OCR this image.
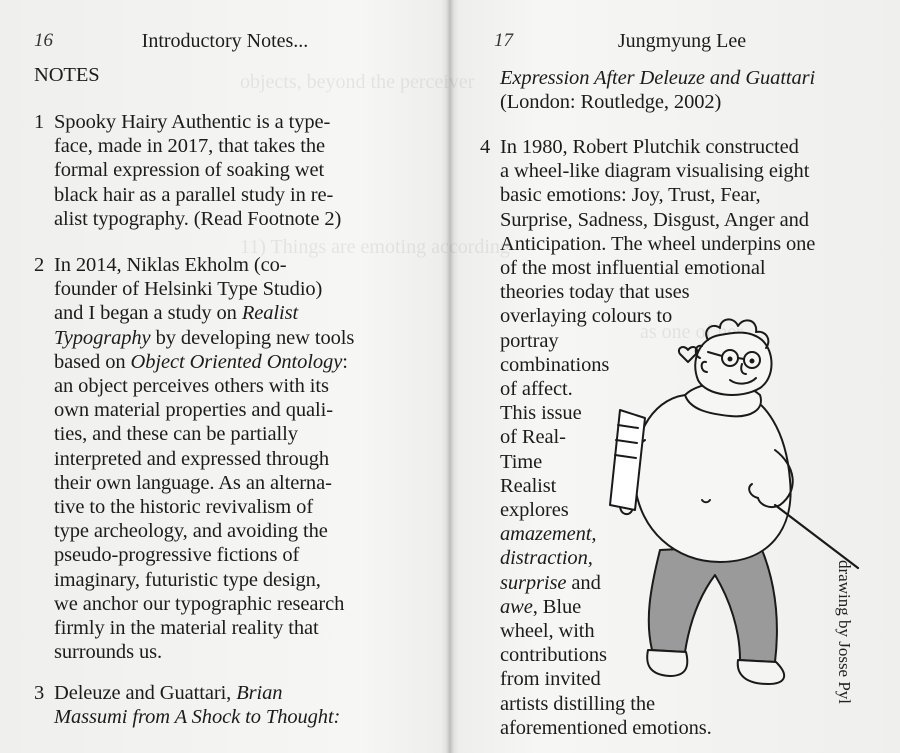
objects, beyond the perceiver
11) Things are emoting according
as one of her
16	Introductory Notes...
NOTES
1 Spooky Hairy Authentic is a type-
face, made in 2017, that takes the
formal expression of soaking wet
black hair as a parallel study in re-
alist typography. (Read Footnote 2)
2 In 2014, Niklas Ekholm (co-
founder of Helsinki Type Studio)
and I began a study on Realist
Typography by developing new tools
based on Object Oriented Ontology:
an object perceives others with its
own material properties and quali-
ties, and these can be partially
interpreted and expressed through
their own language. As an alterna-
tive to the historic revivalism of
type archeology, and avoiding the
pseudo-progressive fictions of
imaginary, futuristic type design,
we anchor our typographic research
firmly in the material reality that
surrounds us.
3 Deleuze and Guattari, Brian
Massumi from A Shock to Thought:
17	Jungmyung Lee
Expression After Deleuze and Guattari
(London: Routledge, 2002)
4 In 1980, Robert Plutchik constructed
a wheel-like diagram visualising eight
basic emotions: Joy, Trust, Fear,
Surprise, Sadness, Disgust, Anger and
Anticipation. The wheel underpins one
of the most influential emotional
theories today that uses
overlaying colours to
portray
combinations
of affect.
This issue
of Real-
Time
Realist
explores
amazement,
distraction,
surprise and
awe, Blue
wheel, with
contributions
from invited
artists distilling the
aforementioned emotions.
drawing by Josse Pyl
